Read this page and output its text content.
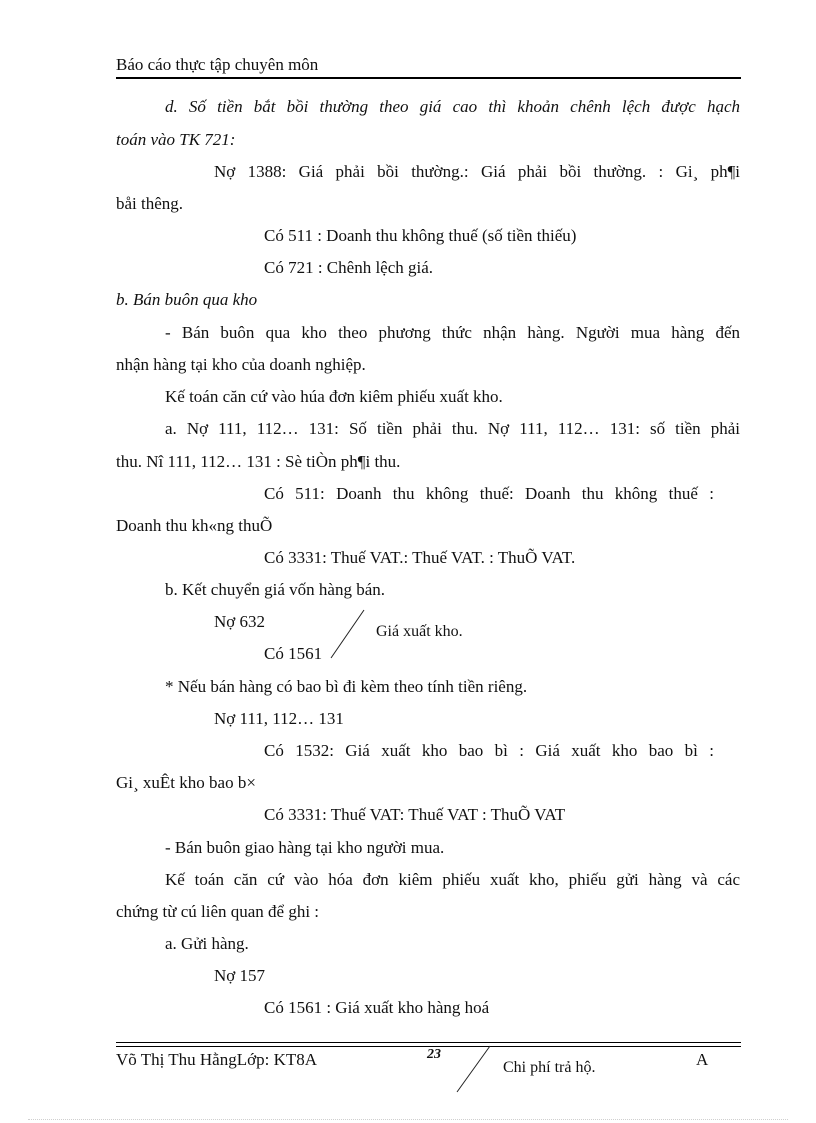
Báo cáo thực tập chuyên môn
d. Số tiền bắt bồi thường theo giá cao thì khoản chênh lệch được hạch
toán vào TK 721:
Nợ 1388: Giá phải bồi thường.: Giá phải bồi thường. : Gi¸ ph¶i
båi thêng.
Có 511 : Doanh thu không thuế (số tiền thiếu)
Có 721 : Chênh lệch giá.
b. Bán buôn qua kho
- Bán buôn qua kho theo phương thức nhận hàng. Người mua hàng đến
nhận hàng tại kho của doanh nghiệp.
Kế toán căn cứ vào húa đơn kiêm phiếu xuất kho.
a. Nợ 111, 112… 131: Số tiền phải thu. Nợ 111, 112… 131: số tiền phải
thu. Nî 111, 112… 131 : Sè tiÒn ph¶i thu.
Có 511: Doanh thu không thuế: Doanh thu không thuế :
Doanh thu kh«ng thuÕ
Có 3331: Thuế VAT.: Thuế VAT. : ThuÕ VAT.
b. Kết chuyển giá vốn hàng bán.
Nợ 632
Giá xuất kho.
Có 1561
* Nếu bán hàng có bao bì đi kèm theo tính tiền riêng.
Nợ 111, 112… 131
Có 1532: Giá xuất kho bao bì : Giá xuất kho bao bì :
Gi¸ xuÊt kho bao b×
Có 3331: Thuế VAT: Thuế VAT : ThuÕ VAT
- Bán buôn giao hàng tại kho người mua.
Kế toán căn cứ vào hóa đơn kiêm phiếu xuất kho, phiếu gửi hàng và các
chứng từ cú liên quan để ghi :
a. Gửi hàng.
Nợ 157
Có 1561 : Giá xuất kho hàng hoá
Võ Thị Thu HằngLớp: KT8A	23
Chi phí trả hộ.	A
